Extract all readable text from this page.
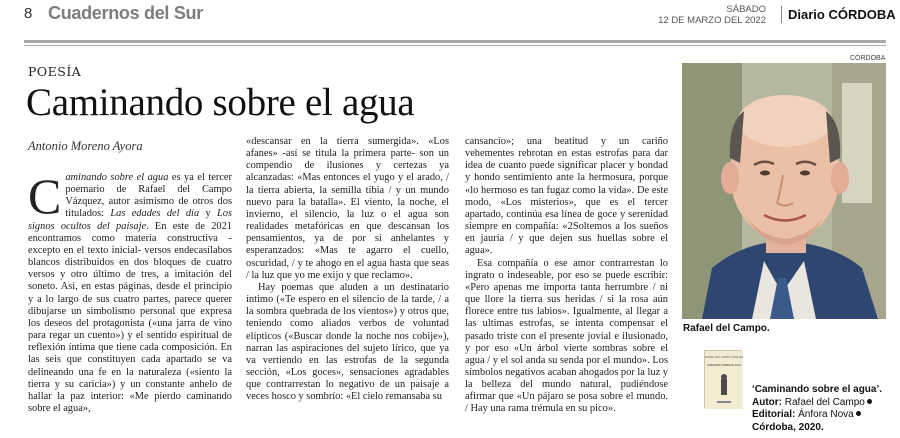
8 Cuadernos del Sur	SÁBADO
12 DE MARZO DEL 2022 Diario CÓRDOBA
POESÍA
Caminando sobre el agua
Antonio Moreno Ayora

Caminando sobre el agua es ya el tercer poemario de Rafael del Campo Vázquez, autor asimismo de otros dos titulados: Las edades del día y Los signos ocultos del paisaje. En este de 2021 encontramos como materia constructiva -excepto en el texto inicial- versos endecasílabos blancos distribuidos en dos bloques de cuatro versos y otro último de tres, a imitación del soneto. Así, en estas páginas, desde el principio y a lo largo de sus cuatro partes, parece querer dibujarse un simbolismo personal que expresa los deseos del protagonista («una jarra de vino para regar un cuento») y el sentido espiritual de reflexión íntima que tiene cada composición. En las seis que constituyen cada apartado se va delineando una fe en la naturaleza («siento la tierra y su caricia») y un constante anhelo de hallar la paz interior: «Me pierdo caminando sobre el agua»,

«descansar en la tierra sumergida». «Los afanes» -así se titula la primera parte- son un compendio de ilusiones y certezas ya alcanzadas: «Mas entonces el yugo y el arado, / la tierra abierta, la semilla tibia / y un mundo nuevo para la batalla». El viento, la noche, el invierno, el silencio, la luz o el agua son realidades metafóricas en que descansan los pensamientos, ya de por sí anhelantes y esperanzados: «Mas te agarro el cuello, oscuridad, / y te ahogo en el agua hasta que seas / la luz que yo me exijo y que reclamo».

Hay poemas que aluden a un destinatario íntimo («Te espero en el silencio de la tarde, / a la sombra quebrada de los vientos») y otros que, teniendo como aliados verbos de voluntad elípticos («Buscar donde la noche nos cobije»), narran las aspiraciones del sujeto lírico, que ya va vertiendo en las estrofas de la segunda sección, «Los goces», sensaciones agradables que contrarrestan lo negativo de un paisaje a veces hosco y sombrío: «El cielo remansaba su

cansancio»; una beatitud y un cariño vehementes rebrotan en estas estrofas para dar idea de cuanto puede significar placer y bondad y hondo sentimiento ante la hermosura, porque «lo hermoso es tan fugaz como la vida». De este modo, «Los misterios», que es el tercer apartado, continúa esa línea de goce y serenidad siempre en compañía: «2Soltemos a los sueños en jauría / y que dejen sus huellas sobre el agua».

Esa compañía o ese amor contrarrestan lo ingrato o indeseable, por eso se puede escribir: «Pero apenas me importa tanta herrumbre / ni que llore la tierra sus heridas / si la rosa aún florece entre tus labios». Igualmente, al llegar a las ultimas estrofas, se intenta compensar el pasado triste con el presente jovial e ilusionado, y por eso «Un árbol vierte sombras sobre el agua / y el sol anda su senda por el mundo». Los símbolos negativos acaban ahogados por la luz y la belleza del mundo natural, pudiéndose afirmar que «Un pájaro se posa sobre el mundo. / Hay una rama trémula en su pico».

CÓRDOBA
Rafael del Campo.
RAFAEL DEL CAMPO VÁZQUEZ
CAMINANDO SOBRE EL AGUA
‘Caminando sobre el agua’.
Autor: Rafael del Campo
Editorial: Ánfora NovaCórdoba, 2020.
